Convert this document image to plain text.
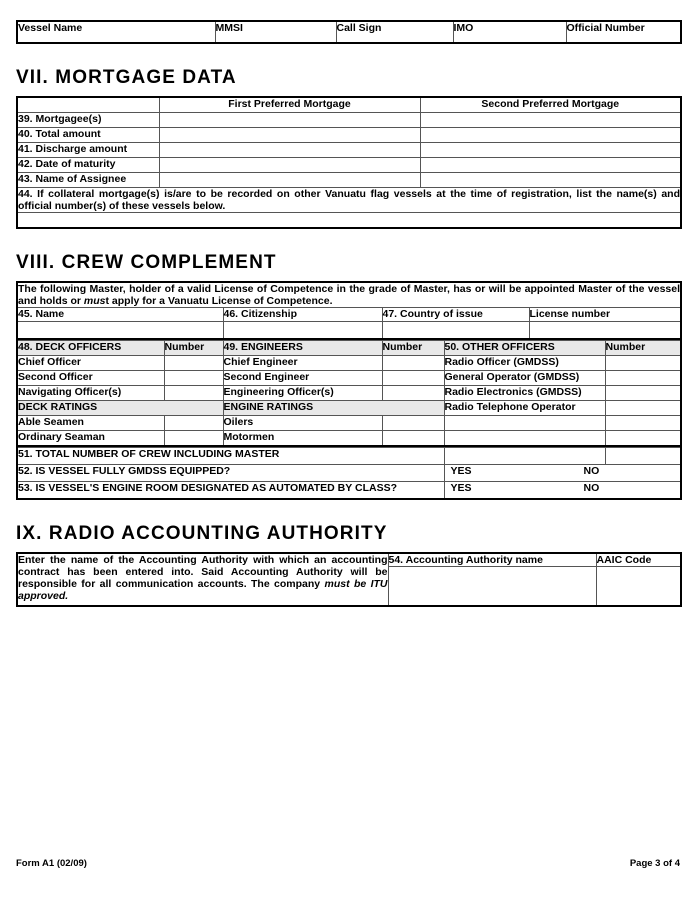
Vessel Name	MMSI	Call Sign	IMO	Official Number
VII. MORTGAGE DATA
	First Preferred Mortgage	Second Preferred Mortgage
39. Mortgagee(s)		
40. Total amount		
41. Discharge amount		
42. Date of maturity		
43. Name of Assignee		
44. If collateral mortgage(s) is/are to be recorded on other Vanuatu flag vessels at the time of registration, list the name(s) and official number(s) of these vessels below.		

VIII. CREW COMPLEMENT
The following Master, holder of a valid License of Competence in the grade of Master, has or will be appointed Master of the vessel and holds or must apply for a Vanuatu License of Competence.			
45. Name	46. Citizenship	47. Country of issue	License number

48. DECK OFFICERS	Number	49. ENGINEERS	Number	50. OTHER OFFICERS	Number
Chief Officer		Chief Engineer		Radio Officer (GMDSS)	
Second Officer		Second Engineer		General Operator (GMDSS)	
Navigating Officer(s)		Engineering Officer(s)		Radio Electronics (GMDSS)	
DECK RATINGS		ENGINE RATINGS		Radio Telephone Operator	
Able Seamen		Oilers			
Ordinary Seaman		Motormen			
51. TOTAL NUMBER OF CREW INCLUDING MASTER		
52. IS VESSEL FULLY GMDSS EQUIPPED?	YES NO	
53. IS VESSEL'S ENGINE ROOM DESIGNATED AS AUTOMATED BY CLASS?	YES NO	
IX. RADIO ACCOUNTING AUTHORITY
Enter the name of the Accounting Authority with which an accounting contract has been entered into. Said Accounting Authority will be responsible for all communication accounts. The company must be ITU approved.	54. Accounting Authority name	AAIC Code

Form A1 (02/09)	Page 3 of 4
